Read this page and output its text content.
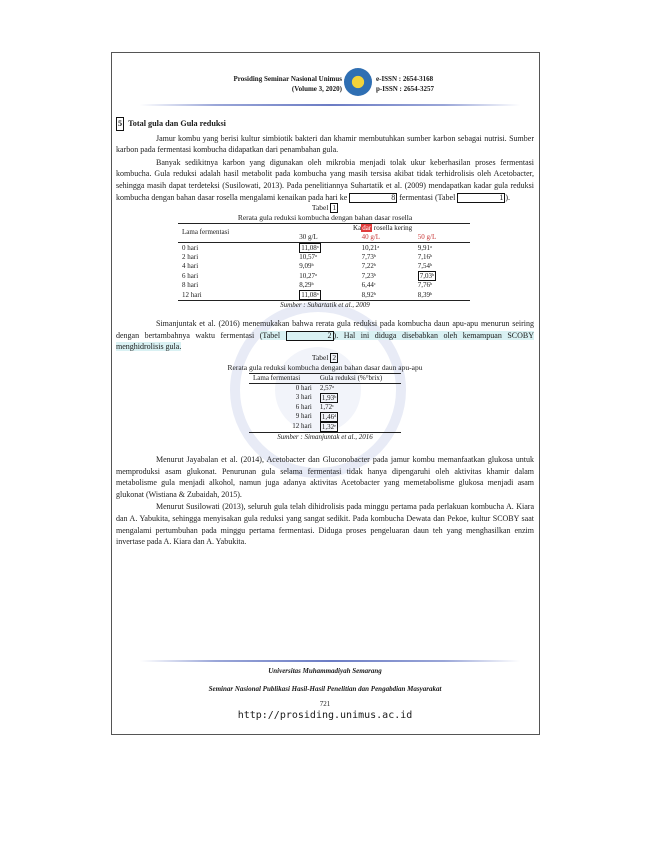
Prosiding Seminar Nasional Unimus
(Volume 3, 2020)
e-ISSN : 2654-3168
p-ISSN : 2654-3257
5 Total gula dan Gula reduksi

Jamur kombu yang berisi kultur simbiotik bakteri dan khamir membutuhkan sumber karbon sebagai nutrisi. Sumber karbon pada fermentasi kombucha didapatkan dari penambahan gula.

Banyak sedikitnya karbon yang digunakan oleh mikrobia menjadi tolak ukur keberhasilan proses fermentasi kombucha. Gula reduksi adalah hasil metabolit pada kombucha yang masih tersisa akibat tidak terhidrolisis oleh Acetobacter, sehingga masih dapat terdeteksi (Susilowati, 2013). Pada penelitiannya Suhartatik et al. (2009) mendapatkan kadar gula reduksi kombucha dengan bahan dasar rosella mengalami kenaikan pada hari ke	8 fermentasi (Tabel	1 ).

Tabel 1
Rerata gula reduksi kombucha dengan bahan dasar rosella
	Kadar rosella kering		
Lama fermentasi	30 g/L	40 g/L	50 g/L
0 hari	11,08ᵃ	10,21ᵃ	9,91ᵃ
2 hari	10,57ᵃ	7,73ᵇ	7,16ᵇ
4 hari	9,09ᵇ	7,22ᵇ	7,54ᵇ
6 hari	10,27ᵃ	7,23ᵇ	7,03ᵇ
8 hari	8,29ᵇ	6,44ᶜ	7,76ᵇ
12 hari	11,08ᵃ	8,92ᵇ	8,39ᵇ
Sumber : Suhartatik et al., 2009

Simanjuntak et al. (2016) menemukakan bahwa rerata gula reduksi pada kombucha daun apu-apu menurun seiring dengan bertambahnya waktu fermentasi (Tabel	2 ). Hal ini diduga disebabkan oleh kemampuan SCOBY menghidrolisis gula.

Tabel 2
Rerata gula reduksi kombucha dengan bahan dasar daun apu-apu
Lama fermentasi	Gula reduksi (%°brix)
0 hari	2,57ᵃ
3 hari	1,93ᵇ
6 hari	1,72ᶜ
9 hari	1,46ᵈ
12 hari	1,32ᵉ
Sumber : Simanjuntak et al., 2016

Menurut Jayabalan et al. (2014), Acetobacter dan Gluconobacter pada jamur kombu memanfaatkan glukosa untuk memproduksi asam glukonat. Penurunan gula selama fermentasi tidak hanya dipengaruhi oleh aktivitas khamir dalam metabolisme gula menjadi alkohol, namun juga adanya aktivitas Acetobacter yang memetabolisme glukosa menjadi asam glukonat (Wistiana & Zubaidah, 2015).

Menurut Susilowati (2013), seluruh gula telah dihidrolisis pada minggu pertama pada perlakuan kombucha A. Kiara dan A. Yabukita, sehingga menyisakan gula reduksi yang sangat sedikit. Pada kombucha Dewata dan Pekoe, kultur SCOBY saat mengalami pertumbuhan pada minggu pertama fermentasi. Diduga proses pengeluaran daun teh yang menghasilkan enzim invertase pada A. Kiara dan A. Yabukita.

Universitas Muhammadiyah Semarang
Seminar Nasional Publikasi Hasil-Hasil Penelitian dan Pengabdian Masyarakat
721
http://prosiding.unimus.ac.id
